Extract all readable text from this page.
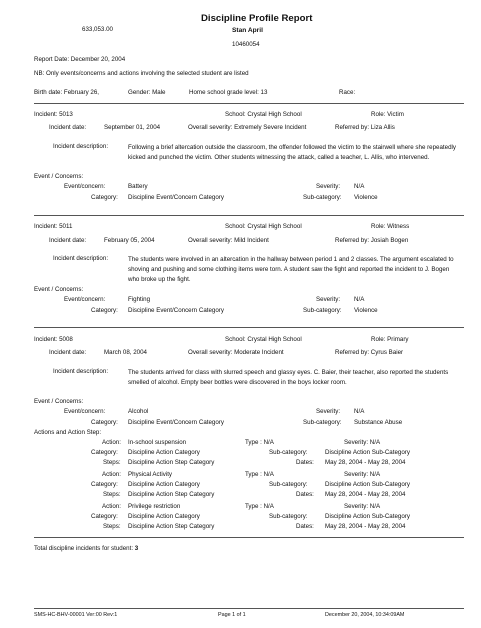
633,053.00
Discipline Profile Report
Stan April
10460054
Report Date: December 20, 2004
NB: Only events/concerns and actions involving the selected student are listed
Birth date: February 26,	Gender: Male	Home school grade level: 13	Race:
Incident: 5013	School: Crystal High School	Role: Victim
Incident date:	September 01, 2004	Overall severity: Extremely Severe Incident	Referred by: Liza Allis
Incident description:	Following a brief altercation outside the classroom, the offender followed the victim to the stairwell where she repeatedly kicked and punched the victim. Other students witnessing the attack, called a teacher, L. Allis, who intervened.
Event / Concerns:
Event/concern:	Battery	Severity: N/A
Category: Discipline Event/Concern Category	Sub-category: Violence
Incident: 5011	School: Crystal High School	Role: Witness
Incident date:	February 05, 2004	Overall severity: Mild Incident	Referred by: Josiah Bogen
Incident description:	The students were involved in an altercation in the hallway between period 1 and 2 classes. The argument escalated to shoving and pushing and some clothing items were torn. A student saw the fight and reported the incident to J. Bogen who broke up the fight.
Event / Concerns:
Event/concern:	Fighting	Severity: N/A
Category: Discipline Event/Concern Category	Sub-category: Violence
Incident: 5008	School: Crystal High School	Role: Primary
Incident date:	March 08, 2004	Overall severity: Moderate Incident	Referred by: Cyrus Baier
Incident description:	The students arrived for class with slurred speech and glassy eyes. C. Baier, their teacher, also reported the students smelled of alcohol. Empty beer bottles were discovered in the boys locker room.
Event / Concerns:
Event/concern:	Alcohol	Severity: N/A
Category: Discipline Event/Concern Category	Sub-category: Substance Abuse
Actions and Action Step:
Action: In-school suspension	Type : N/A	Severity: N/A
Category: Discipline Action Category	Sub-category:	Discipline Action Sub-Category
Steps: Discipline Action Step Category	Dates: May 28, 2004 - May 28, 2004
Action: Physical Activity	Type : N/A	Severity: N/A
Category: Discipline Action Category	Sub-category:	Discipline Action Sub-Category
Steps: Discipline Action Step Category	Dates: May 28, 2004 - May 28, 2004
Action: Privilege restriction	Type : N/A	Severity: N/A
Category: Discipline Action Category	Sub-category:	Discipline Action Sub-Category
Steps: Discipline Action Step Category	Dates: May 28, 2004 - May 28, 2004
Total discipline incidents for student: 3
SMS-HC-BHV-00001 Ver:00 Rev:1	Page 1 of 1	December 20, 2004, 10:34:09AM
